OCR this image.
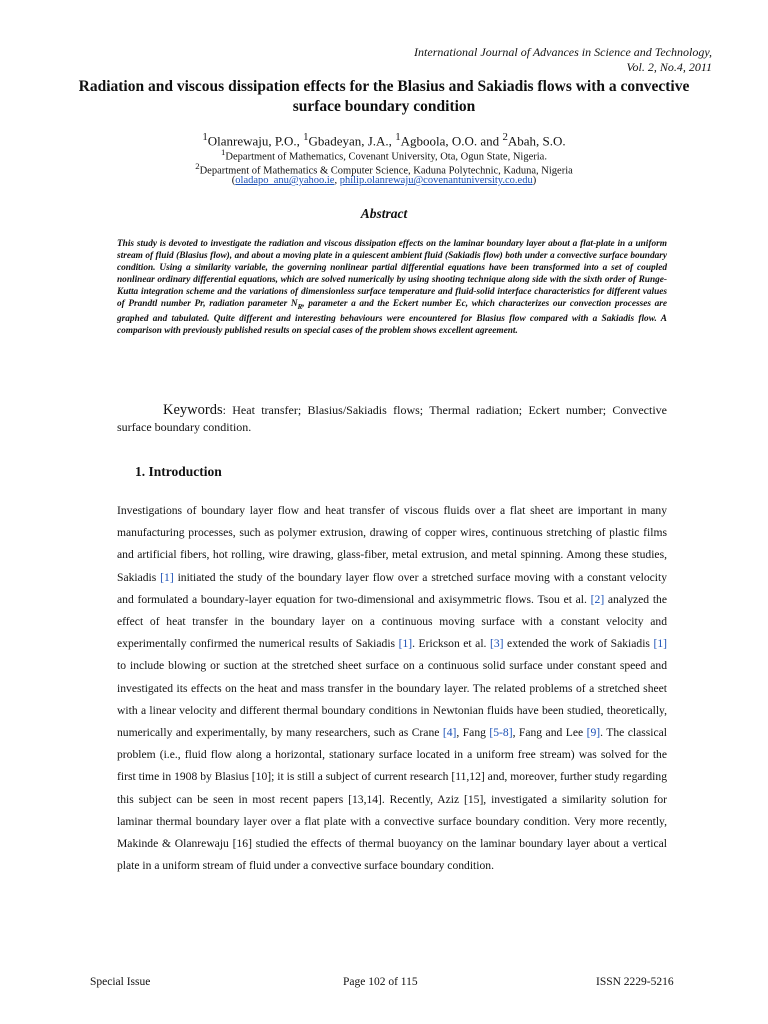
International Journal of Advances in Science and Technology,
Vol. 2, No.4, 2011
Radiation and viscous dissipation effects for the Blasius and Sakiadis flows with a convective
surface boundary condition
$^1$Olanrewaju, P.O., $^1$Gbadeyan, J.A., $^1$Agboola, O.O. and $^2$Abah, S.O.
$^1$Department of Mathematics, Covenant University, Ota, Ogun State, Nigeria.
$^2$Department of Mathematics & Computer Science, Kaduna Polytechnic, Kaduna, Nigeria
(oladapo_anu@yahoo.ie, philip.olanrewaju@covenantuniversity.co.edu)
Abstract

This study is devoted to investigate the radiation and viscous dissipation effects on the laminar boundary layer about a flat-plate in a uniform stream of fluid (Blasius flow), and about a moving plate in a quiescent ambient fluid (Sakiadis flow) both under a convective surface boundary condition. Using a similarity variable, the governing nonlinear partial differential equations have been transformed into a set of coupled nonlinear ordinary differential equations, which are solved numerically by using shooting technique along side with the sixth order of Runge-Kutta integration scheme and the variations of dimensionless surface temperature and fluid-solid interface characteristics for different values of Prandtl number Pr, radiation parameter $N_R$, parameter a and the Eckert number Ec, which characterizes our convection processes are graphed and tabulated. Quite different and interesting behaviours were encountered for Blasius flow compared with a Sakiadis flow. A comparison with previously published results on special cases of the problem shows excellent agreement.

Keywords: Heat transfer; Blasius/Sakiadis flows; Thermal radiation; Eckert number; Convective surface boundary condition.

1. Introduction

Investigations of boundary layer flow and heat transfer of viscous fluids over a flat sheet are important in many manufacturing processes, such as polymer extrusion, drawing of copper wires, continuous stretching of plastic films and artificial fibers, hot rolling, wire drawing, glass-fiber, metal extrusion, and metal spinning. Among these studies, Sakiadis [1] initiated the study of the boundary layer flow over a stretched surface moving with a constant velocity and formulated a boundary-layer equation for two-dimensional and axisymmetric flows. Tsou et al. [2] analyzed the effect of heat transfer in the boundary layer on a continuous moving surface with a constant velocity and experimentally confirmed the numerical results of Sakiadis [1]. Erickson et al. [3] extended the work of Sakiadis [1] to include blowing or suction at the stretched sheet surface on a continuous solid surface under constant speed and investigated its effects on the heat and mass transfer in the boundary layer. The related problems of a stretched sheet with a linear velocity and different thermal boundary conditions in Newtonian fluids have been studied, theoretically, numerically and experimentally, by many researchers, such as Crane [4], Fang [5-8], Fang and Lee [9]. The classical problem (i.e., fluid flow along a horizontal, stationary surface located in a uniform free stream) was solved for the first time in 1908 by Blasius [10]; it is still a subject of current research [11,12] and, moreover, further study regarding this subject can be seen in most recent papers [13,14]. Recently, Aziz [15], investigated a similarity solution for laminar thermal boundary layer over a flat plate with a convective surface boundary condition. Very more recently, Makinde & Olanrewaju [16] studied the effects of thermal buoyancy on the laminar boundary layer about a vertical plate in a uniform stream of fluid under a convective surface boundary condition.

Special Issue	Page 102 of 115	ISSN 2229-5216
